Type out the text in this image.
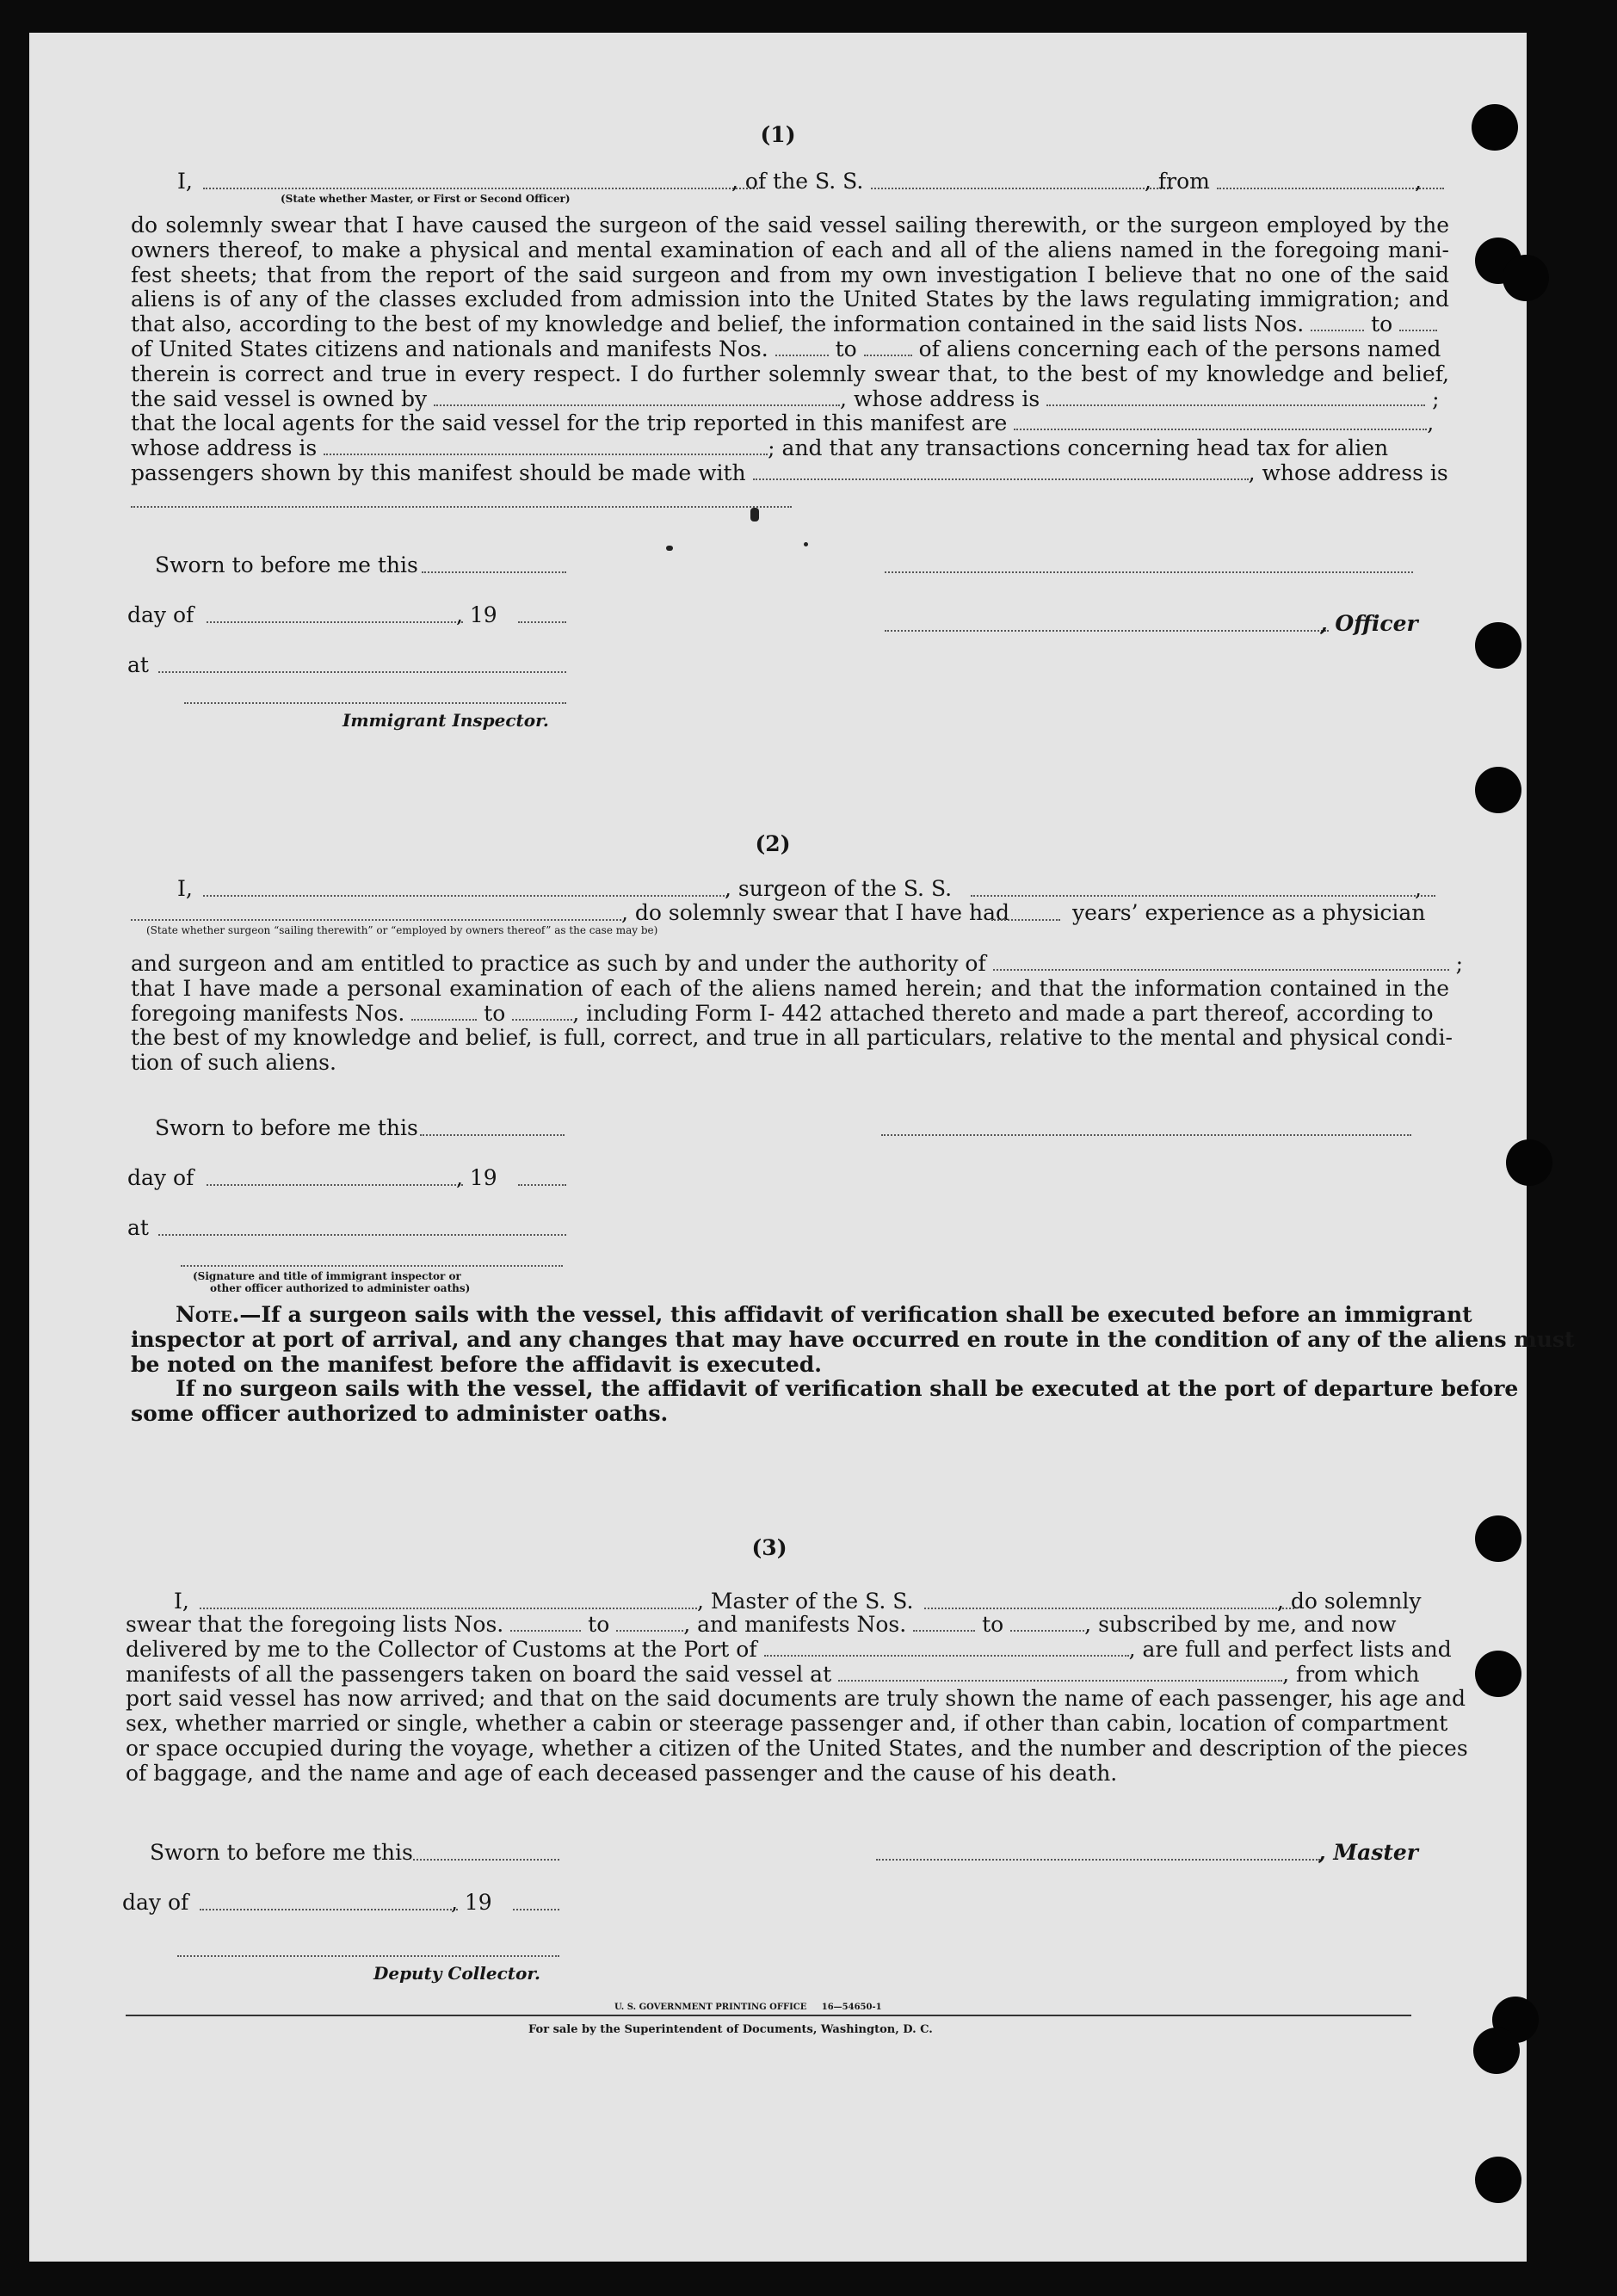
(1)
I,	, of the S. S.	, from	,
(State whether Master, or First or Second Officer)
do solemnly swear that I have caused the surgeon of the said vessel sailing therewith, or the surgeon employed by the
owners thereof, to make a physical and mental examination of each and all of the aliens named in the foregoing mani-
fest sheets; that from the report of the said surgeon and from my own investigation I believe that no one of the said
aliens is of any of the classes excluded from admission into the United States by the laws regulating immigration; and
that also, according to the best of my knowledge and belief, the information contained in the said lists Nos.	to
of United States citizens and nationals and manifests Nos.	to	of aliens concerning each of the persons named
therein is correct and true in every respect. I do further solemnly swear that, to the best of my knowledge and belief,
the said vessel is owned by	, whose address is	;
that the local agents for the said vessel for the trip reported in this manifest are	,
whose address is	; and that any transactions concerning head tax for alien
passengers shown by this manifest should be made with	, whose address is
Sworn to before me this
day of	, 19	, Officer
at
Immigrant Inspector.
(2)
I,	, surgeon of the S. S.	,
, do solemnly swear that I have had	years’ experience as a physician
(State whether surgeon “sailing therewith” or “employed by owners thereof” as the case may be)
and surgeon and am entitled to practice as such by and under the authority of	;
that I have made a personal examination of each of the aliens named herein; and that the information contained in the
foregoing manifests Nos.	to	, including Form I- 442 attached thereto and made a part thereof, according to
the best of my knowledge and belief, is full, correct, and true in all particulars, relative to the mental and physical condi-
tion of such aliens.
Sworn to before me this
day of	, 19
at
(Signature and title of immigrant inspector or
other officer authorized to administer oaths)
Note.—If a surgeon sails with the vessel, this affidavit of verification shall be executed before an immigrant
inspector at port of arrival, and any changes that may have occurred en route in the condition of any of the aliens must
be noted on the manifest before the affidavit is executed.
If no surgeon sails with the vessel, the affidavit of verification shall be executed at the port of departure before
some officer authorized to administer oaths.
(3)
I,	, Master of the S. S.	, do solemnly
swear that the foregoing lists Nos.	to	, and manifests Nos.	to	, subscribed by me, and now
delivered by me to the Collector of Customs at the Port of	, are full and perfect lists and
manifests of all the passengers taken on board the said vessel at	, from which
port said vessel has now arrived; and that on the said documents are truly shown the name of each passenger, his age and
sex, whether married or single, whether a cabin or steerage passenger and, if other than cabin, location of compartment
or space occupied during the voyage, whether a citizen of the United States, and the number and description of the pieces
of baggage, and the name and age of each deceased passenger and the cause of his death.
Sworn to before me this	, Master
day of	, 19
Deputy Collector.
U. S. GOVERNMENT PRINTING OFFICE     16—54650-1
For sale by the Superintendent of Documents, Washington, D. C.
